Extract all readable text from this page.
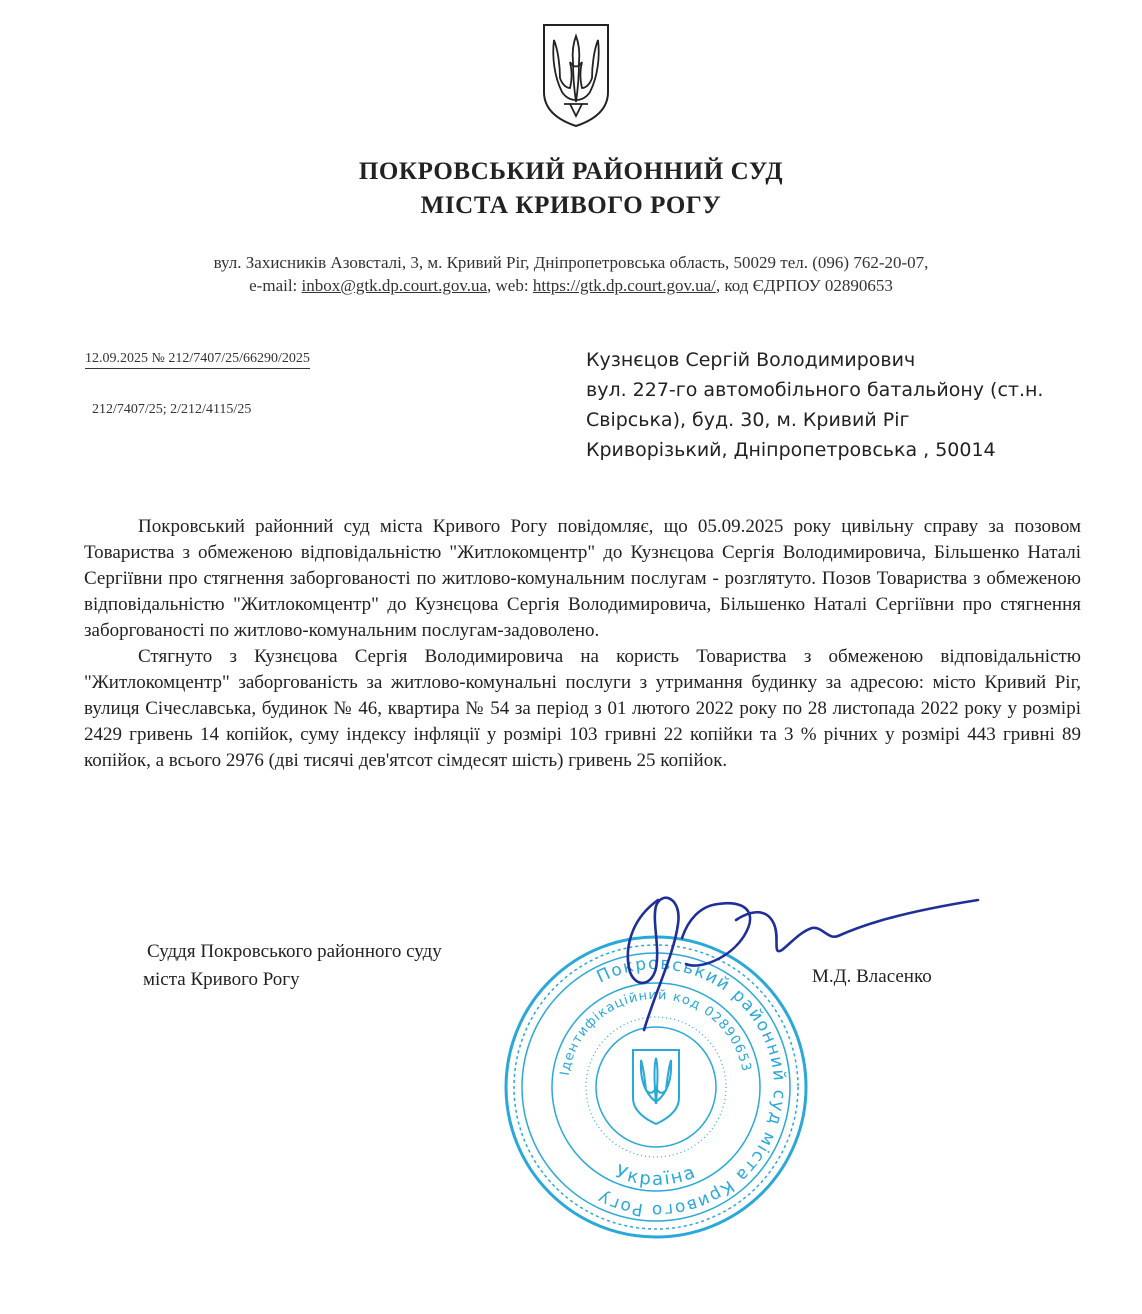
ПОКРОВСЬКИЙ РАЙОННИЙ СУД
МІСТА КРИВОГО РОГУ
вул. Захисників Азовсталі, 3, м. Кривий Ріг, Дніпропетровська область, 50029 тел. (096) 762-20-07,
e-mail: inbox@gtk.dp.court.gov.ua, web: https://gtk.dp.court.gov.ua/, код ЄДРПОУ 02890653
12.09.2025 № 212/7407/25/66290/2025
212/7407/25; 2/212/4115/25
Кузнєцов Сергій Володимирович
вул. 227-го автомобільного батальйону (ст.н.
Свірська), буд. 30, м. Кривий Ріг
Криворізький, Дніпропетровська , 50014

Покровський районний суд міста Кривого Рогу повідомляє, що 05.09.2025 року цивільну справу за позовом Товариства з обмеженою відповідальністю "Житлокомцентр" до Кузнєцова Сергія Володимировича, Більшенко Наталі Сергіївни про стягнення заборгованості по житлово-комунальним послугам - розглятуто. Позов Товариства з обмеженою відповідальністю "Житлокомцентр" до Кузнєцова Сергія Володимировича, Більшенко Наталі Сергіївни про стягнення заборгованості по житлово-комунальним послугам-задоволено.

Стягнуто з Кузнєцова Сергія Володимировича на користь Товариства з обмеженою відповідальністю "Житлокомцентр" заборгованість за житлово-комунальні послуги з утримання будинку за адресою: місто Кривий Ріг, вулиця Січеславська, будинок № 46, квартира № 54 за період з 01 лютого 2022 року по 28 листопада 2022 року у розмірі 2429 гривень 14 копійок, суму індексу інфляції у розмірі 103 гривні 22 копійки та 3 % річних у розмірі 443 гривні 89 копійок, а всього 2976 (дві тисячі дев'ятсот сімдесят шість) гривень 25 копійок.

Суддя Покровського районного суду
міста Кривого Рогу	М.Д. Власенко
Покровський районний суд міста Кривого Рогу
Ідентифікаційний код 02890653
Україна
